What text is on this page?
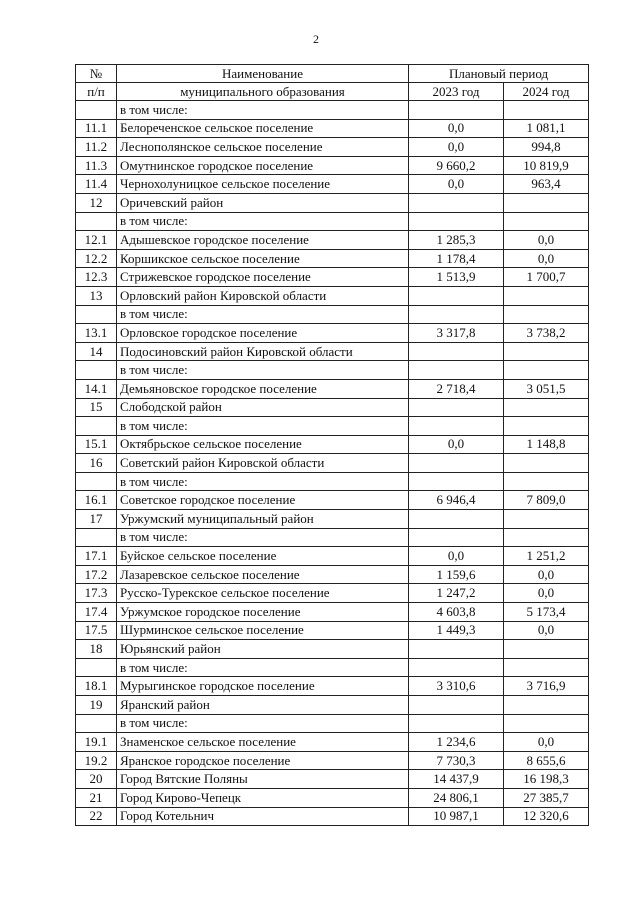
2
№	Наименование	Плановый период	
п/п	муниципального образования	2023 год	2024 год
	в том числе:		
11.1	Белореченское сельское поселение	0,0	1 081,1
11.2	Леснополянское сельское поселение	0,0	994,8
11.3	Омутнинское городское поселение	9 660,2	10 819,9
11.4	Чернохолуницкое сельское поселение	0,0	963,4
12	Оричевский район		
	в том числе:		
12.1	Адышевское городское поселение	1 285,3	0,0
12.2	Коршикское сельское поселение	1 178,4	0,0
12.3	Стрижевское городское поселение	1 513,9	1 700,7
13	Орловский район Кировской области		
	в том числе:		
13.1	Орловское городское поселение	3 317,8	3 738,2
14	Подосиновский район Кировской области		
	в том числе:		
14.1	Демьяновское городское поселение	2 718,4	3 051,5
15	Слободской район		
	в том числе:		
15.1	Октябрьское сельское поселение	0,0	1 148,8
16	Советский район Кировской области		
	в том числе:		
16.1	Советское городское поселение	6 946,4	7 809,0
17	Уржумский муниципальный район		
	в том числе:		
17.1	Буйское сельское поселение	0,0	1 251,2
17.2	Лазаревское сельское поселение	1 159,6	0,0
17.3	Русско-Турекское сельское поселение	1 247,2	0,0
17.4	Уржумское городское поселение	4 603,8	5 173,4
17.5	Шурминское сельское поселение	1 449,3	0,0
18	Юрьянский район		
	в том числе:		
18.1	Мурыгинское городское поселение	3 310,6	3 716,9
19	Яранский район		
	в том числе:		
19.1	Знаменское сельское поселение	1 234,6	0,0
19.2	Яранское городское поселение	7 730,3	8 655,6
20	Город Вятские Поляны	14 437,9	16 198,3
21	Город Кирово-Чепецк	24 806,1	27 385,7
22	Город Котельнич	10 987,1	12 320,6
